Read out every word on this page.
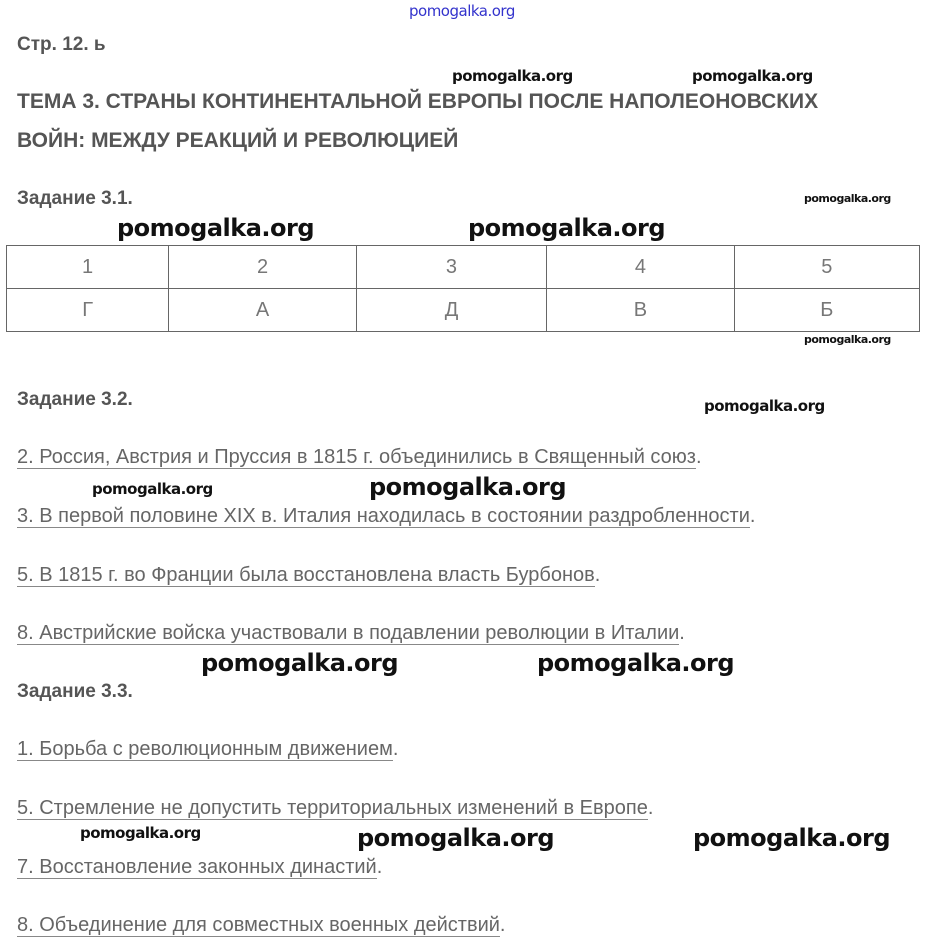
pomogalka.org
Стр. 12. ь
pomogalka.org	pomogalka.org
ТЕМА 3. СТРАНЫ КОНТИНЕНТАЛЬНОЙ ЕВРОПЫ ПОСЛЕ НАПОЛЕОНОВСКИХ
ВОЙН: МЕЖДУ РЕАКЦИЙ И РЕВОЛЮЦИЕЙ
Задание 3.1.	pomogalka.org
pomogalka.org	pomogalka.org
1	2	3	4	5
Г	А	Д	В	Б
pomogalka.org
Задание 3.2.	pomogalka.org
2. Россия, Австрия и Пруссия в 1815 г. объединились в Священный союз.
pomogalka.org	pomogalka.org
3. В первой половине XIX в. Италия находилась в состоянии раздробленности.
5. В 1815 г. во Франции была восстановлена власть Бурбонов.
8. Австрийские войска участвовали в подавлении революции в Италии.
pomogalka.org	pomogalka.org
Задание 3.3.
1. Борьба с революционным движением.
5. Стремление не допустить территориальных изменений в Европе.
pomogalka.org	pomogalka.org	pomogalka.org
7. Восстановление законных династий.
8. Объединение для совместных военных действий.
